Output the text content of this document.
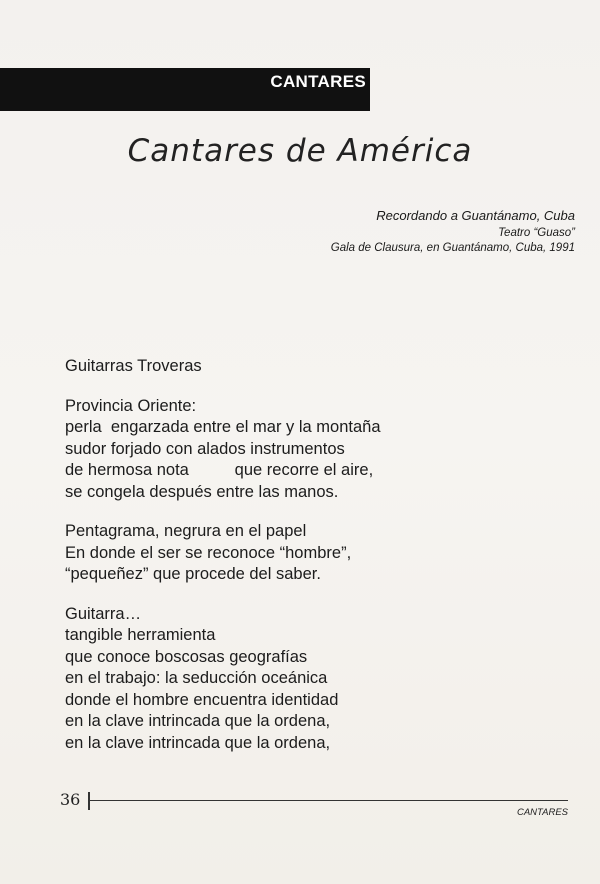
CANTARES
Cantares de América
Recordando a Guantánamo, Cuba
Teatro “Guaso”
Gala de Clausura, en Guantánamo, Cuba, 1991
Guitarras Troveras
Provincia Oriente:
perla  engarzada entre el mar y la montaña
sudor forjado con alados instrumentos
de hermosa nota          que recorre el aire,
se congela después entre las manos.
Pentagrama, negrura en el papel
En donde el ser se reconoce “hombre”,
“pequeñez” que procede del saber.
Guitarra…
tangible herramienta
que conoce boscosas geografías
en el trabajo: la seducción oceánica
donde el hombre encuentra identidad
en la clave intrincada que la ordena,
en la clave intrincada que la ordena,
36
CANTARES
